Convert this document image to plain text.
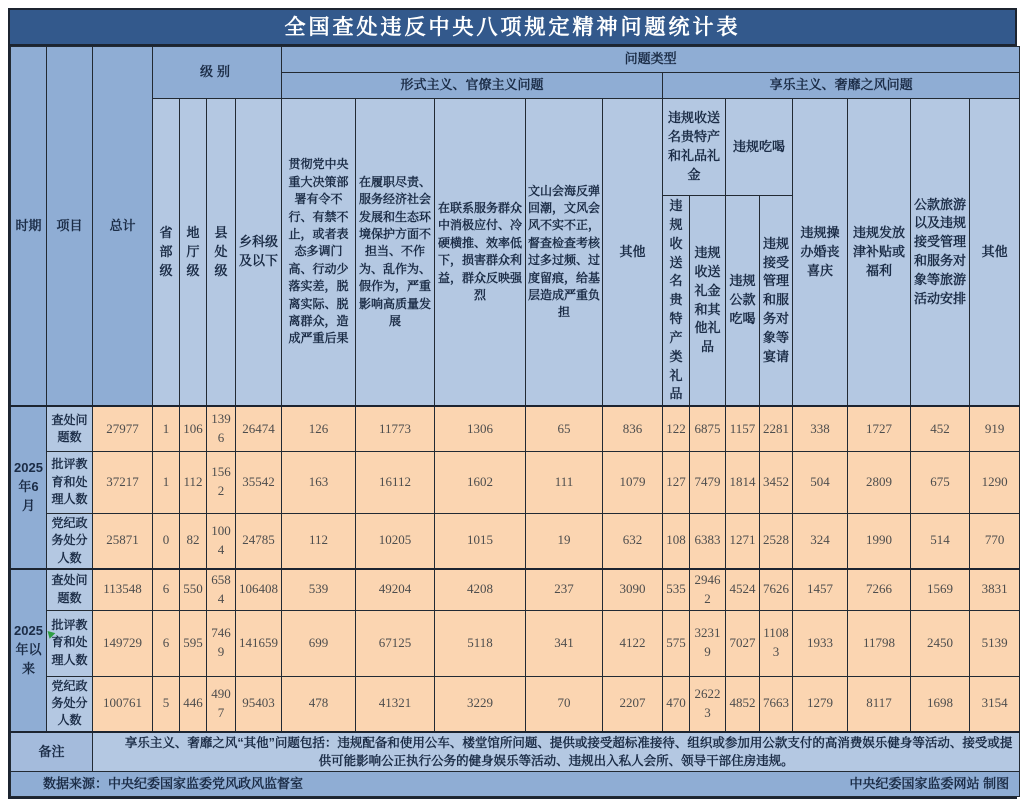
全国查处违反中央八项规定精神问题统计表
时期	项目	总计	级别				问题类型												
							形式主义、官僚主义问题					享乐主义、奢靡之风问题							
			省部级	地厅级	县处级	乡科级及以下	贯彻党中央重大决策部署有令不行、有禁不止，或者表态多调门高、行动少落实差，脱离实际、脱离群众，造成严重后果	在履职尽责、服务经济社会发展和生态环境保护方面不担当、不作为、乱作为、假作为，严重影响高质量发展	在联系服务群众中消极应付、冷硬横推、效率低下，损害群众利益，群众反映强烈	文山会海反弹回潮，文风会风不实不正，督查检查考核过多过频、过度留痕，给基层造成严重负担	其他	违规收送名贵特产和礼品礼金		违规吃喝		违规操办婚丧喜庆	违规发放津补贴或福利	公款旅游以及违规接受管理和服务对象等旅游活动安排	其他
												违规收送名贵特产类礼品	违规收送礼金和其他礼品	违规公款吃喝	违规接受管理和服务对象等宴请				
2025年6月	查处问题数	27977	1	106	1396	26474	126	11773	1306	65	836	122	6875	1157	2281	338	1727	452	919
	批评教育和处理人数	37217	1	112	1562	35542	163	16112	1602	111	1079	127	7479	1814	3452	504	2809	675	1290
	党纪政务处分人数	25871	0	82	1004	24785	112	10205	1015	19	632	108	6383	1271	2528	324	1990	514	770
2025年以来	查处问题数	113548	6	550	6584	106408	539	49204	4208	237	3090	535	29462	4524	7626	1457	7266	1569	3831
	批评教育和处理人数	149729	6	595	7469	141659	699	67125	5118	341	4122	575	32319	7027	11083	1933	11798	2450	5139
	党纪政务处分人数	100761	5	446	4907	95403	478	41321	3229	70	2207	470	26223	4852	7663	1279	8117	1698	3154
备注		享乐主义、奢靡之风“其他”问题包括：违规配备和使用公车、楼堂馆所问题、提供或接受超标准接待、组织或参加用公款支付的高消费娱乐健身等活动、接受或提供可能影响公正执行公务的健身娱乐等活动、违规出入私人会所、领导干部住房违规。																	

数据来源：中央纪委国家监委党风政风监督室 中央纪委国家监委网站 制图																			
